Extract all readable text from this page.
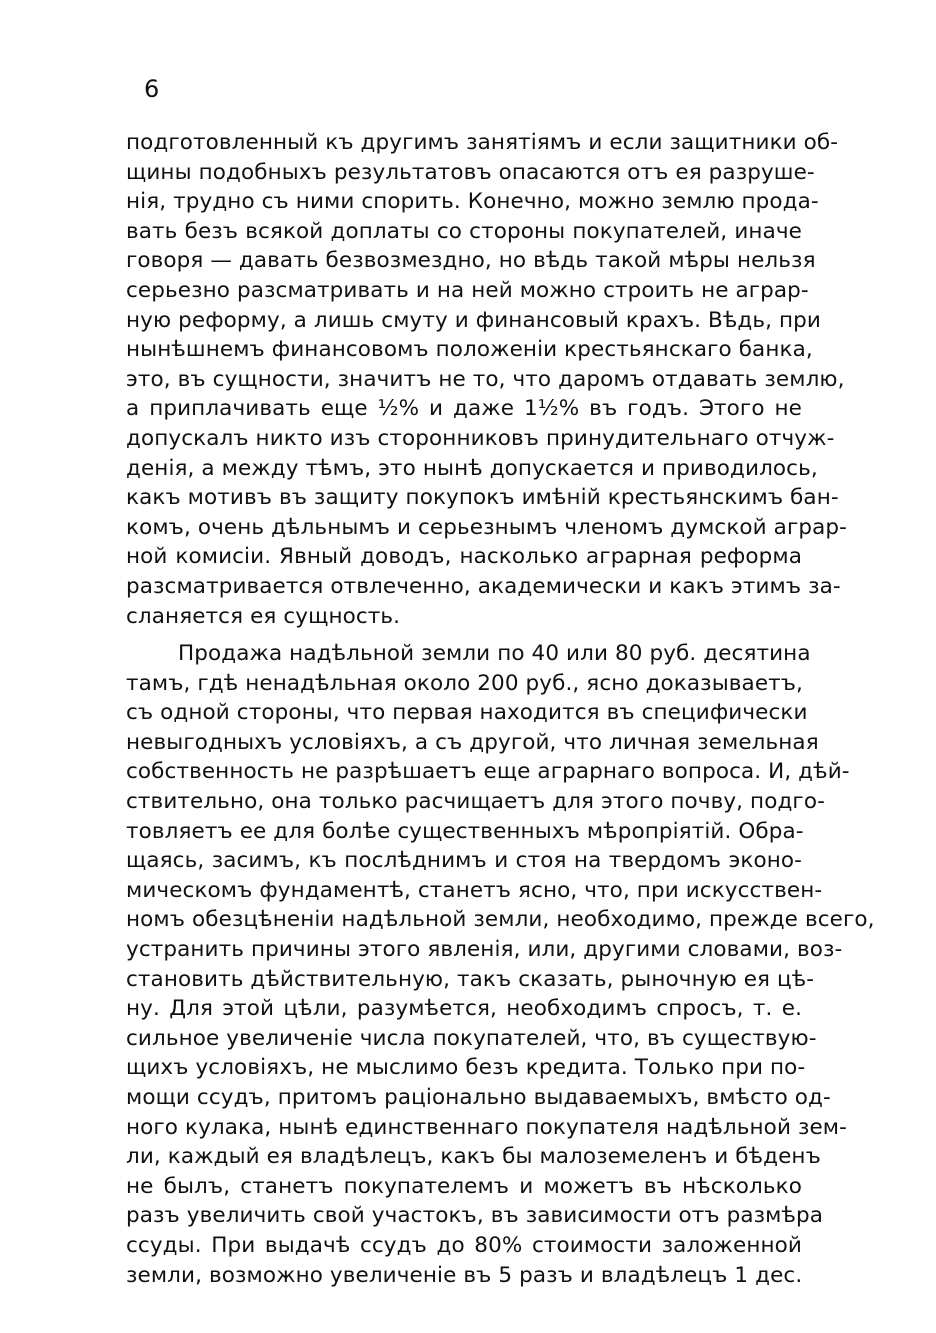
6
подготовленный къ другимъ занятіямъ и если защитники об-
щины подобныхъ результатовъ опасаются отъ ея разруше-
нія, трудно съ ними спорить. Конечно, можно землю прода-
вать безъ всякой доплаты со стороны покупателей, иначе
говоря — давать безвозмездно, но вѣдь такой мѣры нельзя
серьезно разсматривать и на ней можно строить не аграр-
ную реформу, а лишь смуту и финансовый крахъ. Вѣдь, при
нынѣшнемъ финансовомъ положеніи крестьянскаго банка,
это, въ сущности, значитъ не то, что даромъ отдавать землю,
а приплачивать еще ½% и даже 1½% въ годъ. Этого не
допускалъ никто изъ сторонниковъ принудительнаго отчуж-
денія, а между тѣмъ, это нынѣ допускается и приводилось,
какъ мотивъ въ защиту покупокъ имѣній крестьянскимъ бан-
комъ, очень дѣльнымъ и серьезнымъ членомъ думской аграр-
ной комисіи. Явный доводъ, насколько аграрная реформа
разсматривается отвлеченно, академически и какъ этимъ за-
сланяется ея сущность.
Продажа надѣльной земли по 40 или 80 руб. десятина
тамъ, гдѣ ненадѣльная около 200 руб., ясно доказываетъ,
съ одной стороны, что первая находится въ специфически
невыгодныхъ условіяхъ, а съ другой, что личная земельная
собственность не разрѣшаетъ еще аграрнаго вопроса. И, дѣй-
ствительно, она только расчищаетъ для этого почву, подго-
товляетъ ее для болѣе существенныхъ мѣропріятій. Обра-
щаясь, засимъ, къ послѣднимъ и стоя на твердомъ эконо-
мическомъ фундаментѣ, станетъ ясно, что, при искусствен-
номъ обезцѣненіи надѣльной земли, необходимо, прежде всего,
устранить причины этого явленія, или, другими словами, воз-
становить дѣйствительную, такъ сказать, рыночную ея цѣ-
ну. Для этой цѣли, разумѣется, необходимъ спросъ, т. е.
сильное увеличеніе числа покупателей, что, въ существую-
щихъ условіяхъ, не мыслимо безъ кредита. Только при по-
мощи ссудъ, притомъ раціонально выдаваемыхъ, вмѣсто од-
ного кулака, нынѣ единственнаго покупателя надѣльной зем-
ли, каждый ея владѣлецъ, какъ бы малоземеленъ и бѣденъ
не былъ, станетъ покупателемъ и можетъ въ нѣсколько
разъ увеличить свой участокъ, въ зависимости отъ размѣра
ссуды. При выдачѣ ссудъ до 80% стоимости заложенной
земли, возможно увеличеніе въ 5 разъ и владѣлецъ 1 дес.
